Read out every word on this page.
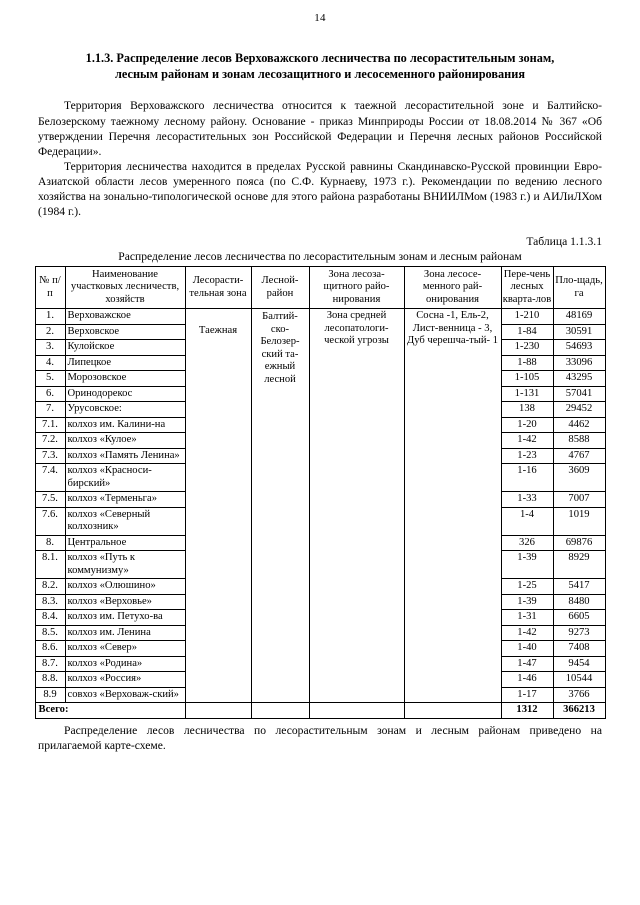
14
1.1.3. Распределение лесов Верховажского лесничества по лесорастительным зонам,
лесным районам и зонам лесозащитного и лесосеменного районирования
Территория Верховажского лесничества относится к таежной лесорастительной зоне и Балтийско-Белозерскому таежному лесному району. Основание - приказ Минприроды России от 18.08.2014 № 367 «Об утверждении Перечня лесорастительных зон Российской Федерации и Перечня лесных районов Российской Федерации».
Территория лесничества находится в пределах Русской равнины Скандинавско-Русской провинции Евро-Азиатской области лесов умеренного пояса (по С.Ф. Курнаеву, 1973 г.). Рекомендации по ведению лесного хозяйства на зонально-типологической основе для этого района разработаны ВНИИЛМом (1983 г.) и АИЛиЛХом (1984 г.).
Таблица 1.1.3.1
Распределение лесов лесничества по лесорастительным зонам и лесным районам
№ п/п	Наименование участковых лесничеств, хозяйств	Лесорасти-тельная зона	Лесной-район	Зона лесоза-щитного райо-нирования	Зона лесосе-менного рай-онирования	Пере-чень лесных кварта-лов	Пло-щадь, га
1.	Верховажское	Таежная	Балтий-ско-Белозер-ский та-ежный лесной	Зона средней лесопатологи-ческой угрозы	Сосна -1, Ель-2, Лист-венница - 3, Дуб черешча-тый- 1	1-210	48169
2.	Верховское					1-84	30591
3.	Кулойское					1-230	54693
4.	Липецкое					1-88	33096
5.	Морозовское					1-105	43295
6.	Оринодорекос					1-131	57041
7.	Урусовское:					138	29452
7.1.	колхоз им. Калини-на					1-20	4462
7.2.	колхоз «Кулое»					1-42	8588
7.3.	колхоз «Память Ленина»					1-23	4767
7.4.	колхоз «Красноси-бирский»					1-16	3609
7.5.	колхоз «Терменьга»					1-33	7007
7.6.	колхоз «Северный колхозник»					1-4	1019
8.	Центральное					326	69876
8.1.	колхоз «Путь к коммунизму»					1-39	8929
8.2.	колхоз «Олюшино»					1-25	5417
8.3.	колхоз «Верховье»					1-39	8480
8.4.	колхоз им. Петухо-ва					1-31	6605
8.5.	колхоз им. Ленина					1-42	9273
8.6.	колхоз «Север»					1-40	7408
8.7.	колхоз «Родина»					1-47	9454
8.8.	колхоз «Россия»					1-46	10544
8.9	совхоз «Верховаж-ский»					1-17	3766
Всего:						1312	366213
Распределение лесов лесничества по лесорастительным зонам и лесным районам приведено на прилагаемой карте-схеме.
